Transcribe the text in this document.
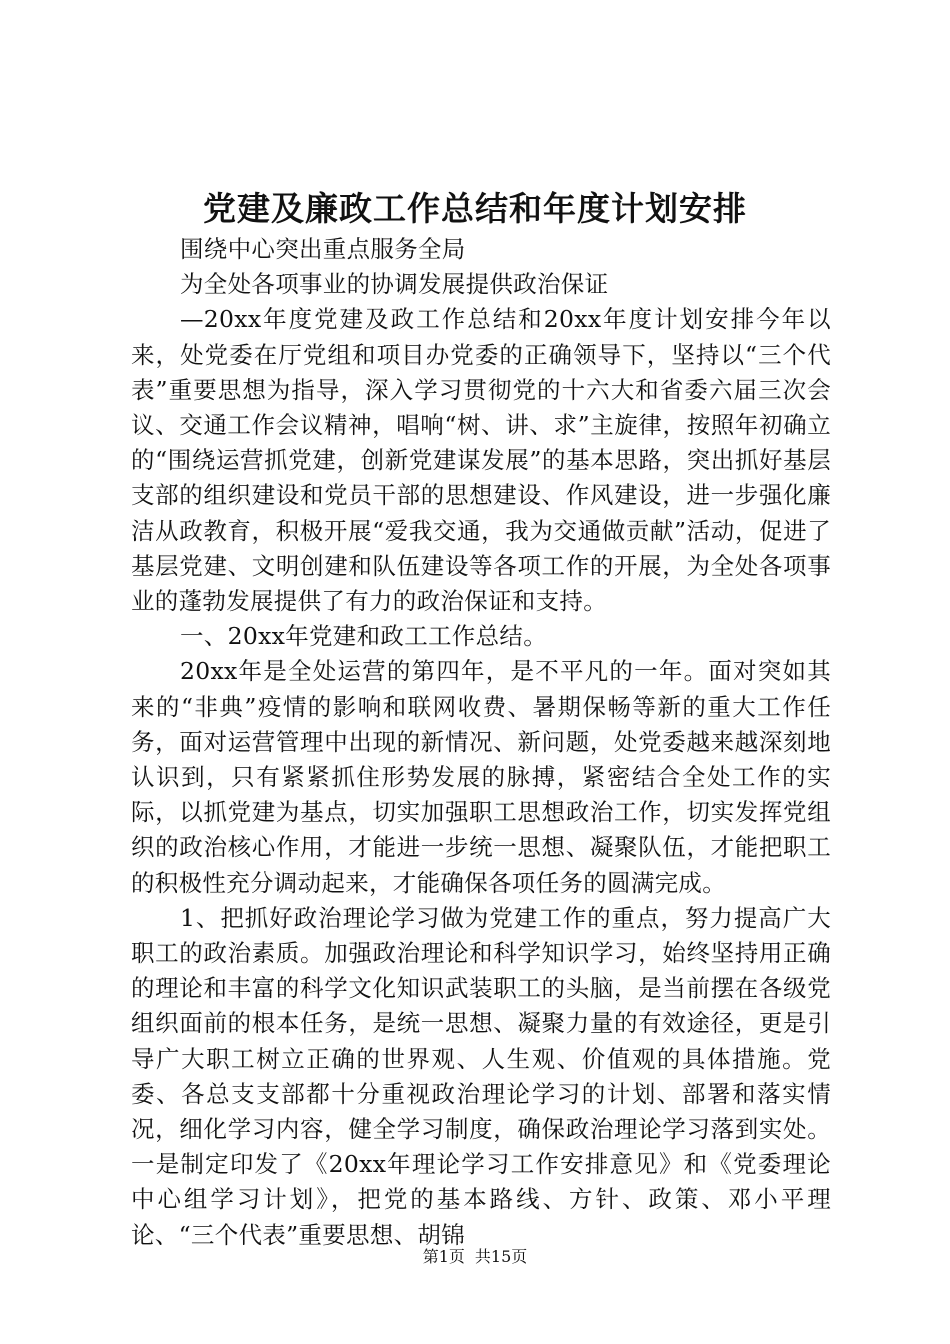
党建及廉政工作总结和年度计划安排

围绕中心突出重点服务全局

为全处各项事业的协调发展提供政治保证

—20xx年度党建及政工作总结和20xx年度计划安排今年以来，处党委在厅党组和项目办党委的正确领导下，坚持以“三个代表”重要思想为指导，深入学习贯彻党的十六大和省委六届三次会议、交通工作会议精神，唱响“树、讲、求”主旋律，按照年初确立的“围绕运营抓党建，创新党建谋发展”的基本思路，突出抓好基层支部的组织建设和党员干部的思想建设、作风建设，进一步强化廉洁从政教育，积极开展“爱我交通，我为交通做贡献”活动，促进了基层党建、文明创建和队伍建设等各项工作的开展，为全处各项事业的蓬勃发展提供了有力的政治保证和支持。

一、20xx年党建和政工工作总结。

20xx年是全处运营的第四年，是不平凡的一年。面对突如其来的“非典”疫情的影响和联网收费、暑期保畅等新的重大工作任务，面对运营管理中出现的新情况、新问题，处党委越来越深刻地认识到，只有紧紧抓住形势发展的脉搏，紧密结合全处工作的实际，以抓党建为基点，切实加强职工思想政治工作，切实发挥党组织的政治核心作用，才能进一步统一思想、凝聚队伍，才能把职工的积极性充分调动起来，才能确保各项任务的圆满完成。

1、把抓好政治理论学习做为党建工作的重点，努力提高广大职工的政治素质。加强政治理论和科学知识学习，始终坚持用正确的理论和丰富的科学文化知识武装职工的头脑，是当前摆在各级党组织面前的根本任务，是统一思想、凝聚力量的有效途径，更是引导广大职工树立正确的世界观、人生观、价值观的具体措施。党委、各总支支部都十分重视政治理论学习的计划、部署和落实情况，细化学习内容，健全学习制度，确保政治理论学习落到实处。一是制定印发了《20xx年理论学习工作安排意见》和《党委理论中心组学习计划》，把党的基本路线、方针、政策、邓小平理论、“三个代表”重要思想、胡锦

第1页 共15页
